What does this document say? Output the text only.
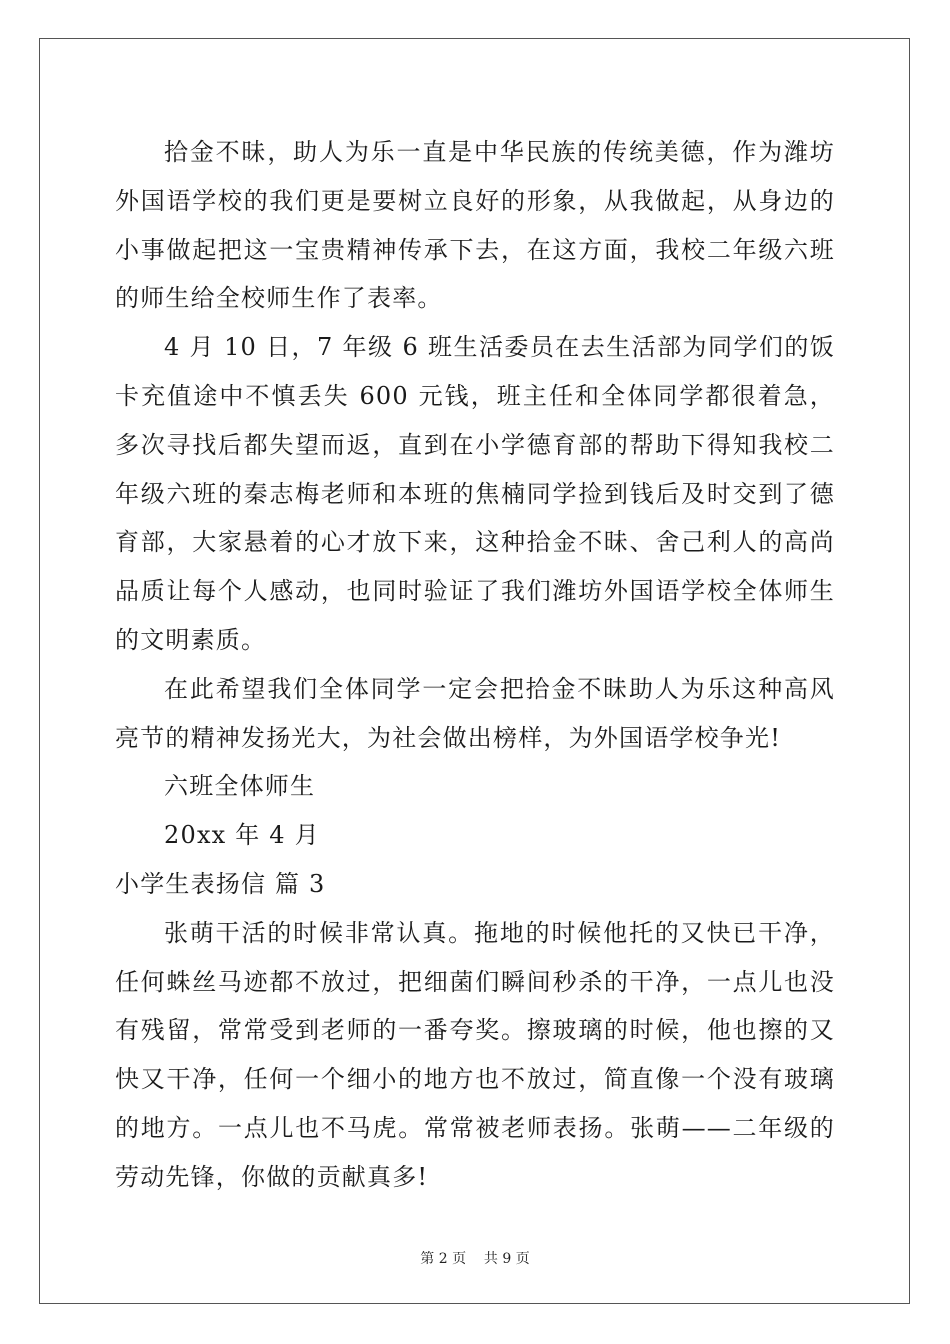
拾金不昧，助人为乐一直是中华民族的传统美德，作为潍坊外国语学校的我们更是要树立良好的形象，从我做起，从身边的小事做起把这一宝贵精神传承下去，在这方面，我校二年级六班的师生给全校师生作了表率。

4 月 10 日，7 年级 6 班生活委员在去生活部为同学们的饭卡充值途中不慎丢失 600 元钱，班主任和全体同学都很着急，多次寻找后都失望而返，直到在小学德育部的帮助下得知我校二年级六班的秦志梅老师和本班的焦楠同学捡到钱后及时交到了德育部，大家悬着的心才放下来，这种拾金不昧、舍己利人的高尚品质让每个人感动，也同时验证了我们潍坊外国语学校全体师生的文明素质。

在此希望我们全体同学一定会把拾金不昧助人为乐这种高风亮节的精神发扬光大，为社会做出榜样，为外国语学校争光!

六班全体师生

20xx 年 4 月

小学生表扬信 篇 3

张萌干活的时候非常认真。拖地的时候他托的又快已干净，任何蛛丝马迹都不放过，把细菌们瞬间秒杀的干净，一点儿也没有残留，常常受到老师的一番夸奖。擦玻璃的时候，他也擦的又快又干净，任何一个细小的地方也不放过，简直像一个没有玻璃的地方。一点儿也不马虎。常常被老师表扬。张萌——二年级的劳动先锋，你做的贡献真多!

第 2 页    共 9 页
